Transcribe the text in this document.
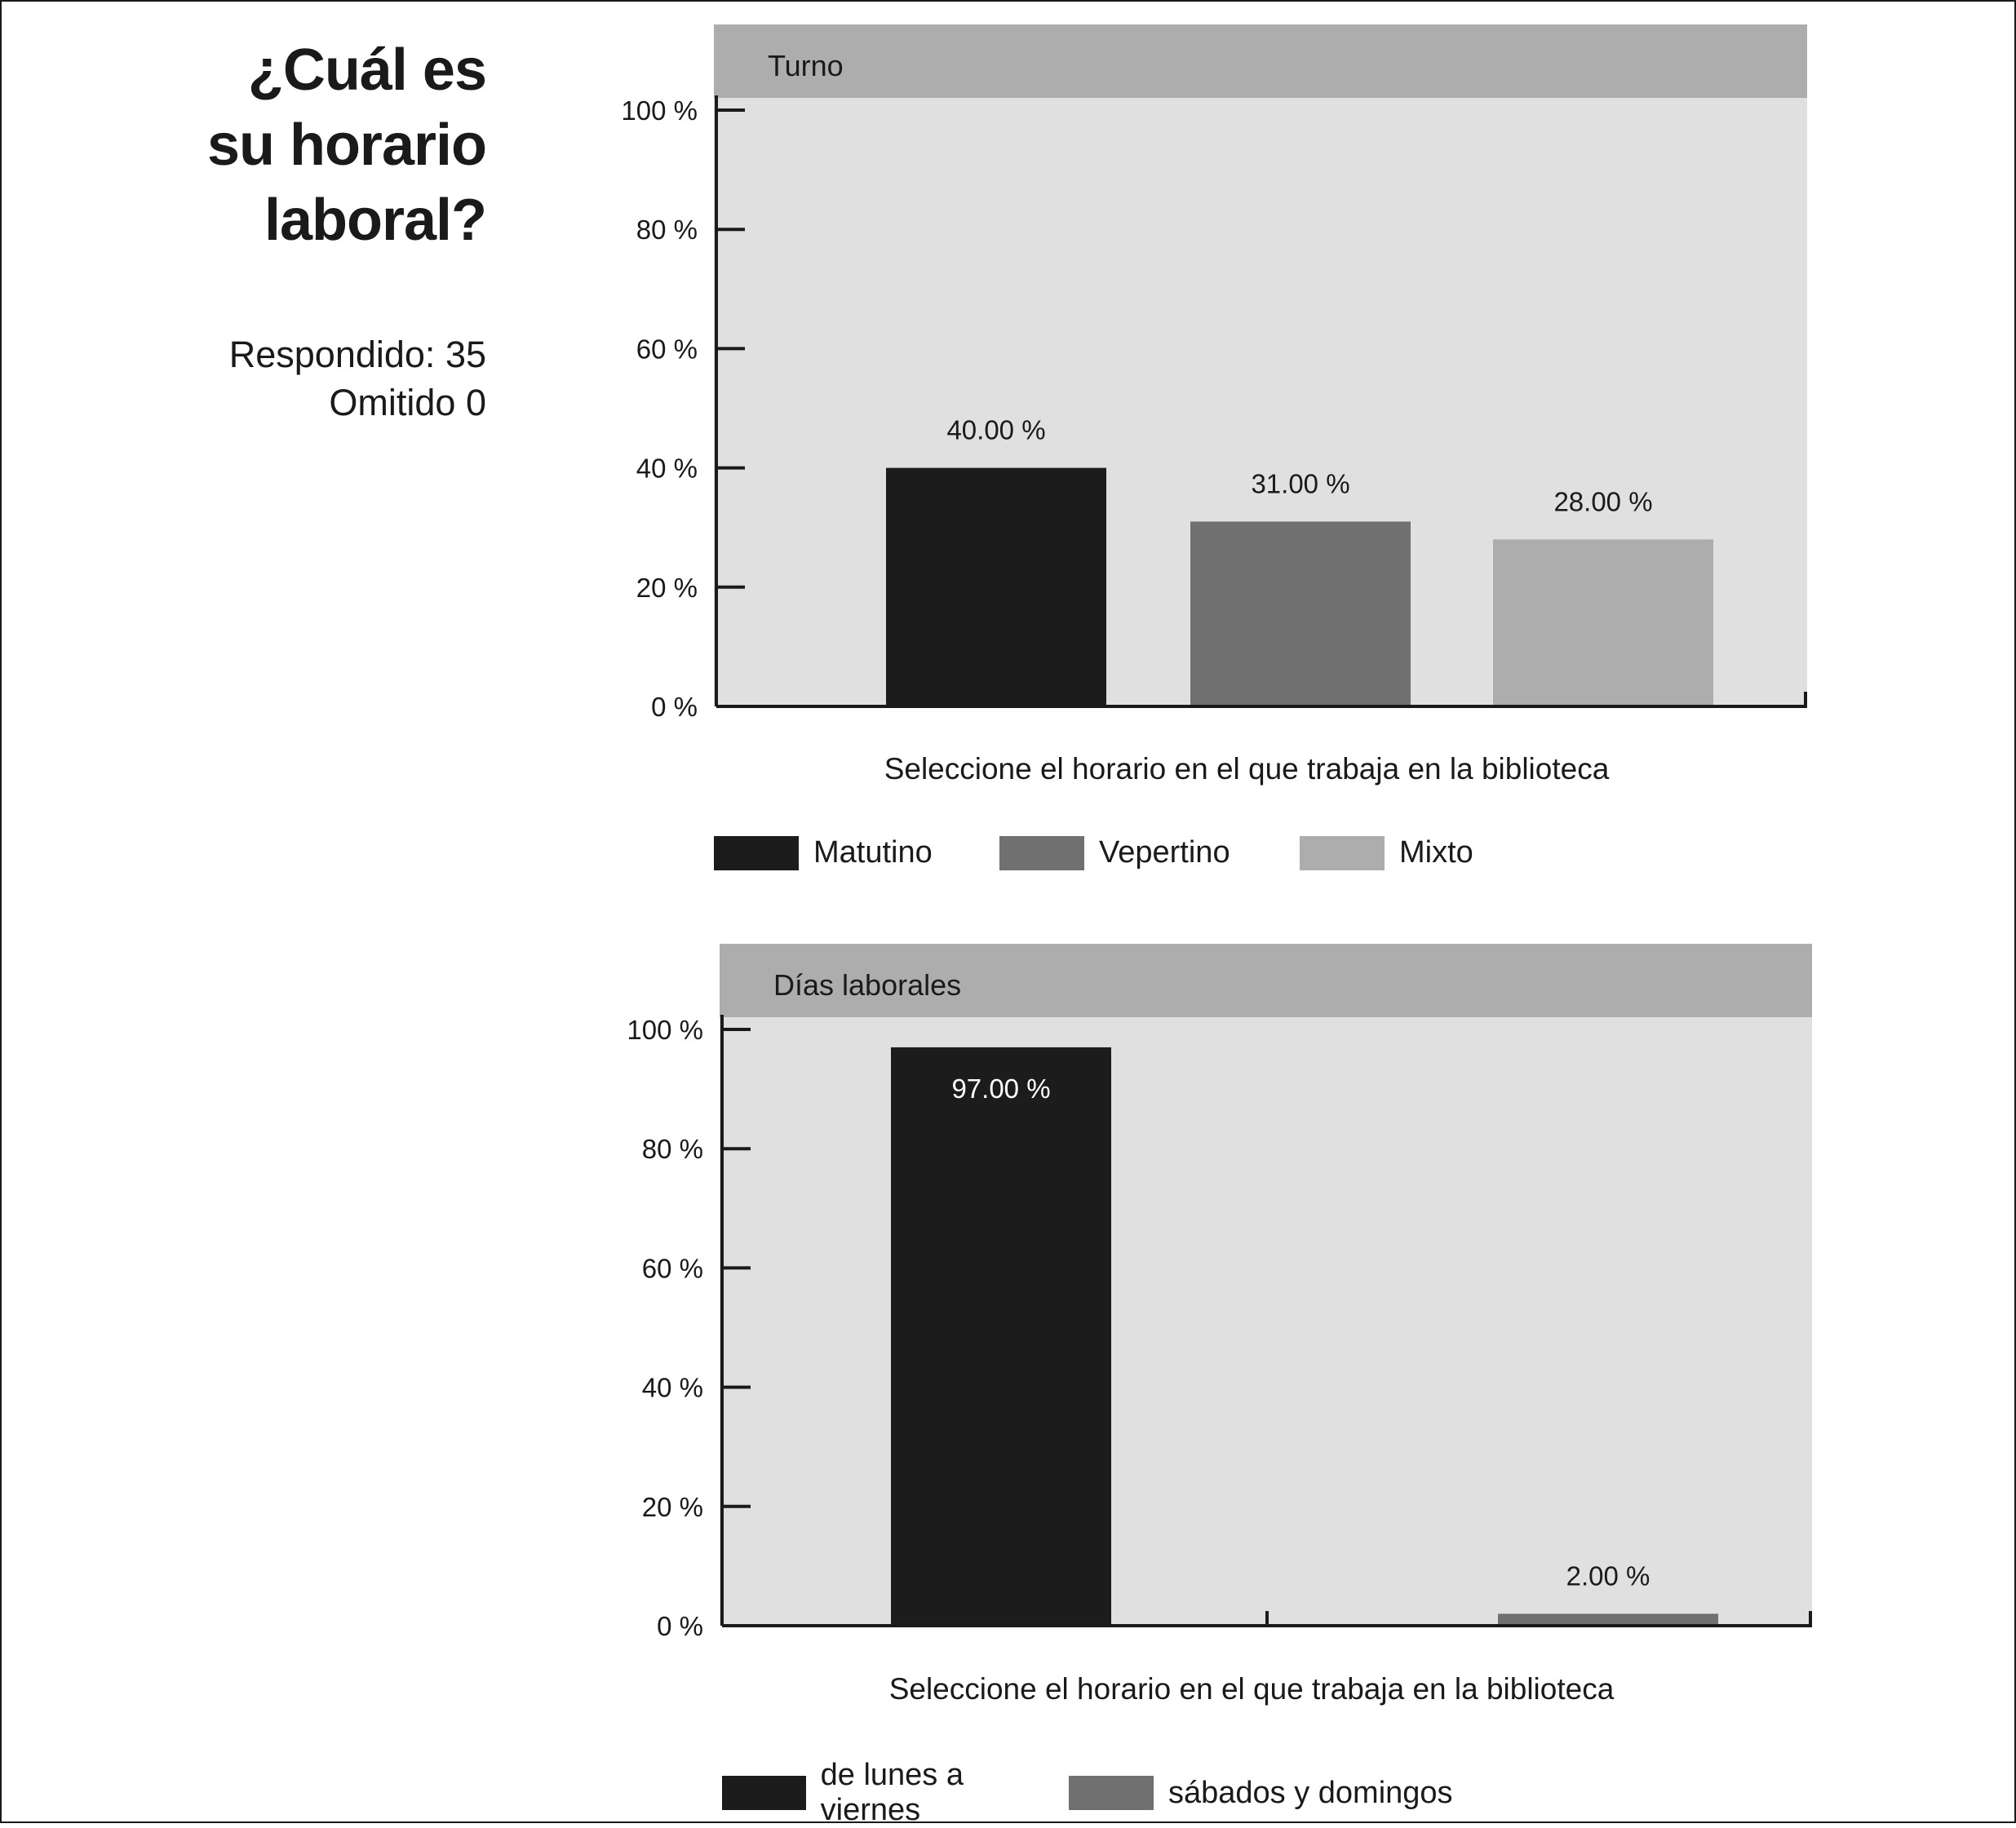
¿Cuál es
su horario
laboral?
Respondido: 35
Omitido 0
Turno
40.00 %
31.00 %
28.00 %
0 %
20 %
40 %
60 %
80 %
100 %
Días laborales
97.00 %
2.00 %
0 %
20 %
40 %
60 %
80 %
100 %
Seleccione el horario en el que trabaja en la biblioteca
Matutino	Vepertino	Mixto
Seleccione el horario en el que trabaja en la biblioteca
de lunes a viernes
sábados y domingos
